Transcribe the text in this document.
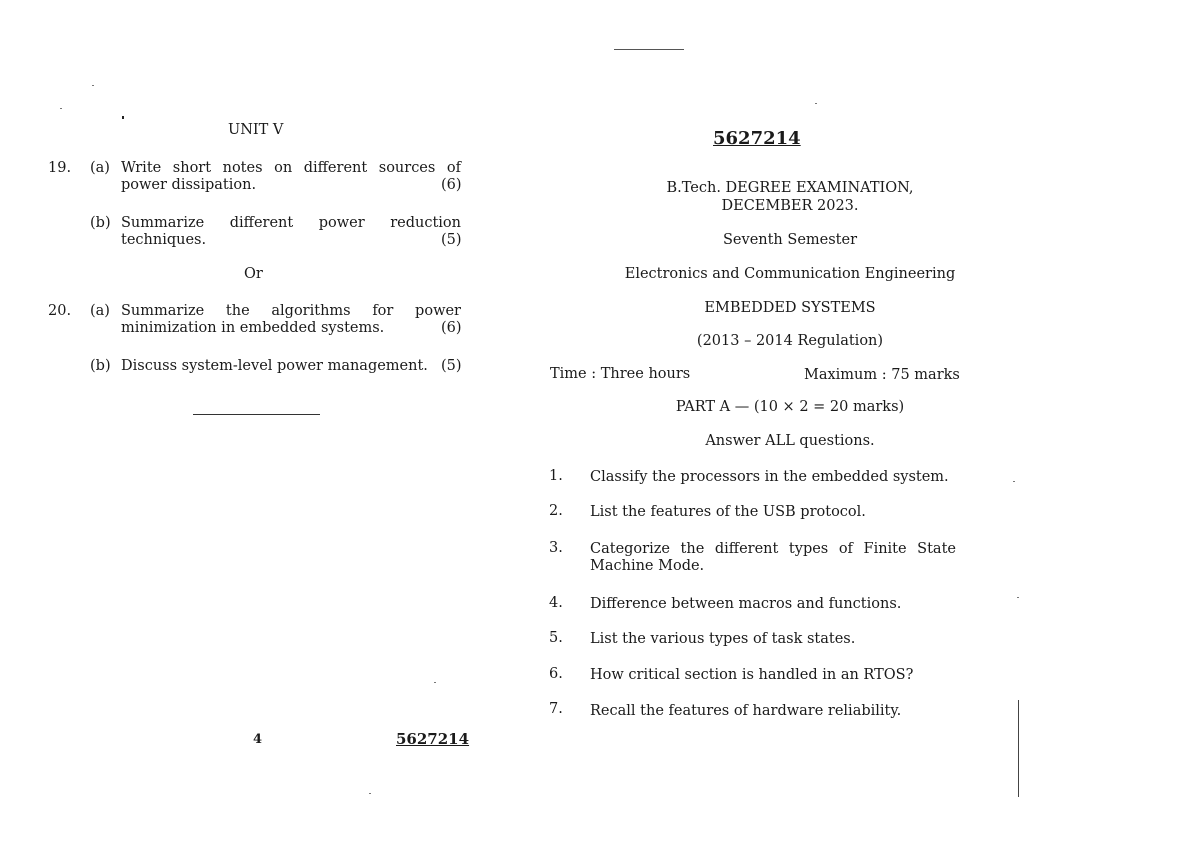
UNIT V
19. (a) Write short notes on different sources of
power dissipation.	(6)
(b) Summarize different power reduction
techniques.	(5)
Or
20. (a) Summarize the algorithms for power
minimization in embedded systems.	(6)
(b) Discuss system-level power management. (5)
4	5627214
5627214
B.Tech. DEGREE EXAMINATION,
DECEMBER 2023.
Seventh Semester
Electronics and Communication Engineering
EMBEDDED SYSTEMS
(2013 – 2014 Regulation)
Time : Three hours	Maximum : 75 marks
PART A — (10 × 2 = 20 marks)
Answer ALL questions.
1. Classify the processors in the embedded system.
2. List the features of the USB protocol.
3. Categorize the different types of Finite State
Machine Mode.
4. Difference between macros and functions.
5. List the various types of task states.
6. How critical section is handled in an RTOS?
7. Recall the features of hardware reliability.
